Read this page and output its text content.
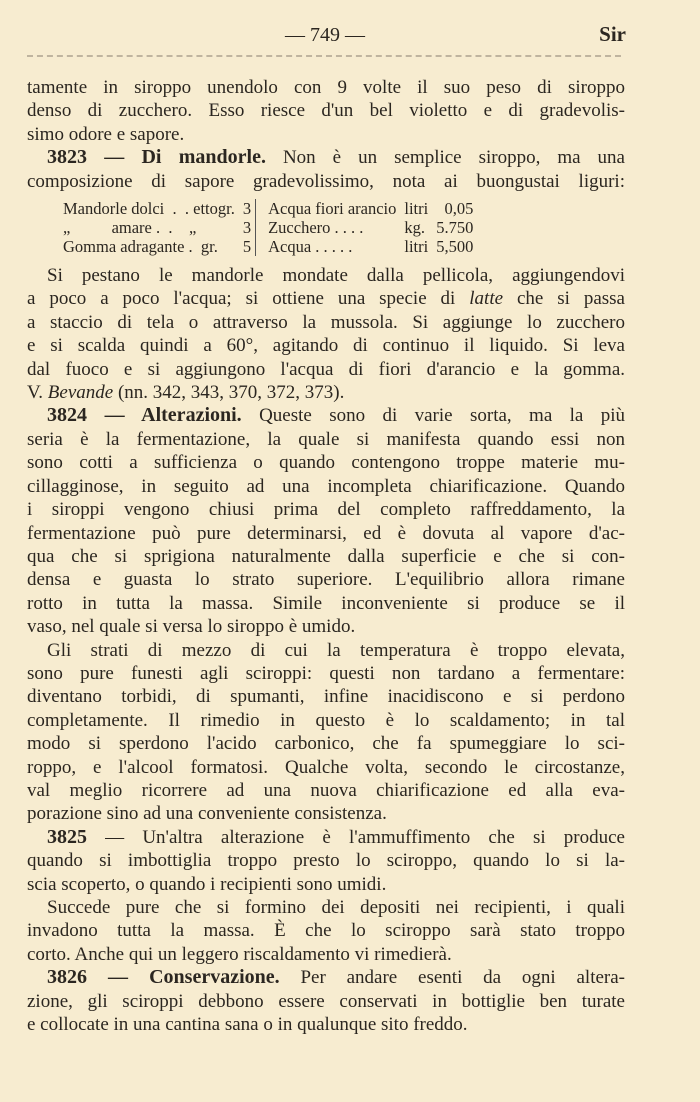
— 749 —	Sir
tamente in siroppo unendolo con 9 volte il suo peso di siroppo
denso di zucchero. Esso riesce d'un bel violetto e di gradevolis-
simo odore e sapore.
3823 — Di mandorle. Non è un semplice siroppo, ma una
composizione di sapore gradevolissimo, nota ai buongustai liguri:
Mandorle dolci  .  . ettogr.	3	Acqua fiori arancio	litri	0,05
„          amare .  .    „	3	Zucchero . . . .	kg.	5.750
Gomma adragante .  gr.	5	Acqua . . . . .	litri	5,500
Si pestano le mandorle mondate dalla pellicola, aggiungendovi
a poco a poco l'acqua; si ottiene una specie di latte che si passa
a staccio di tela o attraverso la mussola. Si aggiunge lo zucchero
e si scalda quindi a 60°, agitando di continuo il liquido. Si leva
dal fuoco e si aggiungono l'acqua di fiori d'arancio e la gomma.
V. Bevande (nn. 342, 343, 370, 372, 373).
3824 — Alterazioni. Queste sono di varie sorta, ma la più
seria è la fermentazione, la quale si manifesta quando essi non
sono cotti a sufficienza o quando contengono troppe materie mu-
cillagginose, in seguito ad una incompleta chiarificazione. Quando
i siroppi vengono chiusi prima del completo raffreddamento, la
fermentazione può pure determinarsi, ed è dovuta al vapore d'ac-
qua che si sprigiona naturalmente dalla superficie e che si con-
densa e guasta lo strato superiore. L'equilibrio allora rimane
rotto in tutta la massa. Simile inconveniente si produce se il
vaso, nel quale si versa lo siroppo è umido.
Gli strati di mezzo di cui la temperatura è troppo elevata,
sono pure funesti agli sciroppi: questi non tardano a fermentare:
diventano torbidi, di spumanti, infine inacidiscono e si perdono
completamente. Il rimedio in questo è lo scaldamento; in tal
modo si sperdono l'acido carbonico, che fa spumeggiare lo sci-
roppo, e l'alcool formatosi. Qualche volta, secondo le circostanze,
val meglio ricorrere ad una nuova chiarificazione ed alla eva-
porazione sino ad una conveniente consistenza.
3825 — Un'altra alterazione è l'ammuffimento che si produce
quando si imbottiglia troppo presto lo sciroppo, quando lo si la-
scia scoperto, o quando i recipienti sono umidi.
Succede pure che si formino dei depositi nei recipienti, i quali
invadono tutta la massa. È che lo sciroppo sarà stato troppo
corto. Anche qui un leggero riscaldamento vi rimedierà.
3826 — Conservazione. Per andare esenti da ogni altera-
zione, gli sciroppi debbono essere conservati in bottiglie ben turate
e collocate in una cantina sana o in qualunque sito freddo.
